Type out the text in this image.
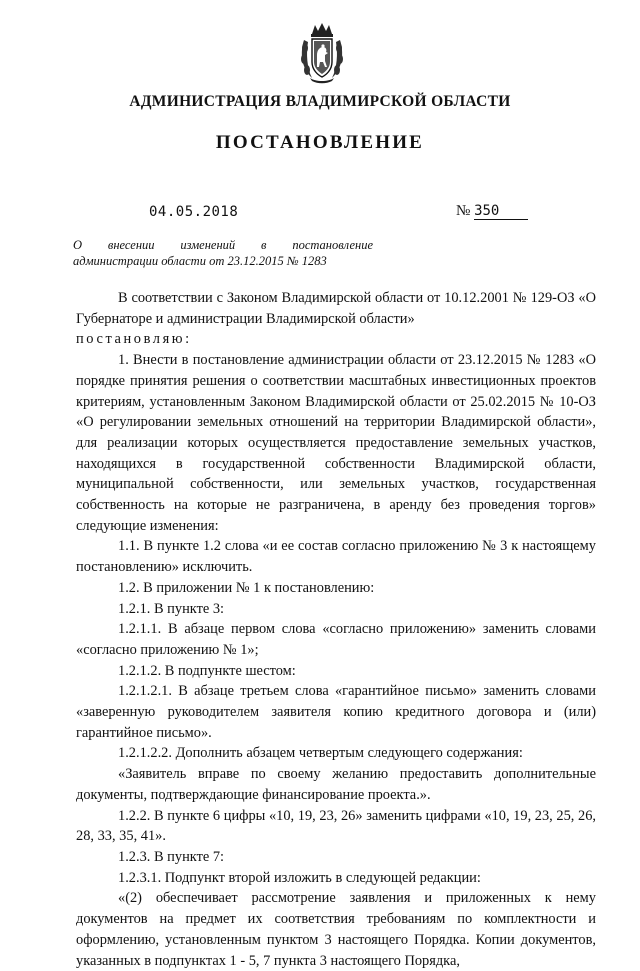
АДМИНИСТРАЦИЯ ВЛАДИМИРСКОЙ ОБЛАСТИ
ПОСТАНОВЛЕНИЕ
04.05.2018	№ 350
О внесении изменений в постановление
администрации области от 23.12.2015 № 1283

В соответствии с Законом Владимирской области от 10.12.2001 № 129-ОЗ «О Губернаторе и администрации Владимирской области»

постановляю:

1. Внести в постановление администрации области от 23.12.2015 № 1283 «О порядке принятия решения о соответствии масштабных инвестиционных проектов критериям, установленным Законом Владимирской области от 25.02.2015 № 10-ОЗ «О регулировании земельных отношений на территории Владимирской области», для реализации которых осуществляется предоставление земельных участков, находящихся в государственной собственности Владимирской области, муниципальной собственности, или земельных участков, государственная собственность на которые не разграничена, в аренду без проведения торгов» следующие изменения:

1.1. В пункте 1.2 слова «и ее состав согласно приложению № 3 к настоящему постановлению» исключить.

1.2. В приложении № 1 к постановлению:

1.2.1. В пункте 3:

1.2.1.1. В абзаце первом слова «согласно приложению» заменить словами «согласно приложению № 1»;

1.2.1.2. В подпункте шестом:

1.2.1.2.1. В абзаце третьем слова «гарантийное письмо» заменить словами «заверенную руководителем заявителя копию кредитного договора и (или) гарантийное письмо».

1.2.1.2.2. Дополнить абзацем четвертым следующего содержания:

«Заявитель вправе по своему желанию предоставить дополнительные документы, подтверждающие финансирование проекта.».

1.2.2. В пункте 6 цифры «10, 19, 23, 26» заменить цифрами «10, 19, 23, 25, 26, 28, 33, 35, 41».

1.2.3. В пункте 7:

1.2.3.1. Подпункт второй изложить в следующей редакции:

«(2) обеспечивает рассмотрение заявления и приложенных к нему документов на предмет их соответствия требованиям по комплектности и оформлению, установленным пунктом 3 настоящего Порядка. Копии документов, указанных в подпунктах 1 - 5, 7 пункта 3 настоящего Порядка,
